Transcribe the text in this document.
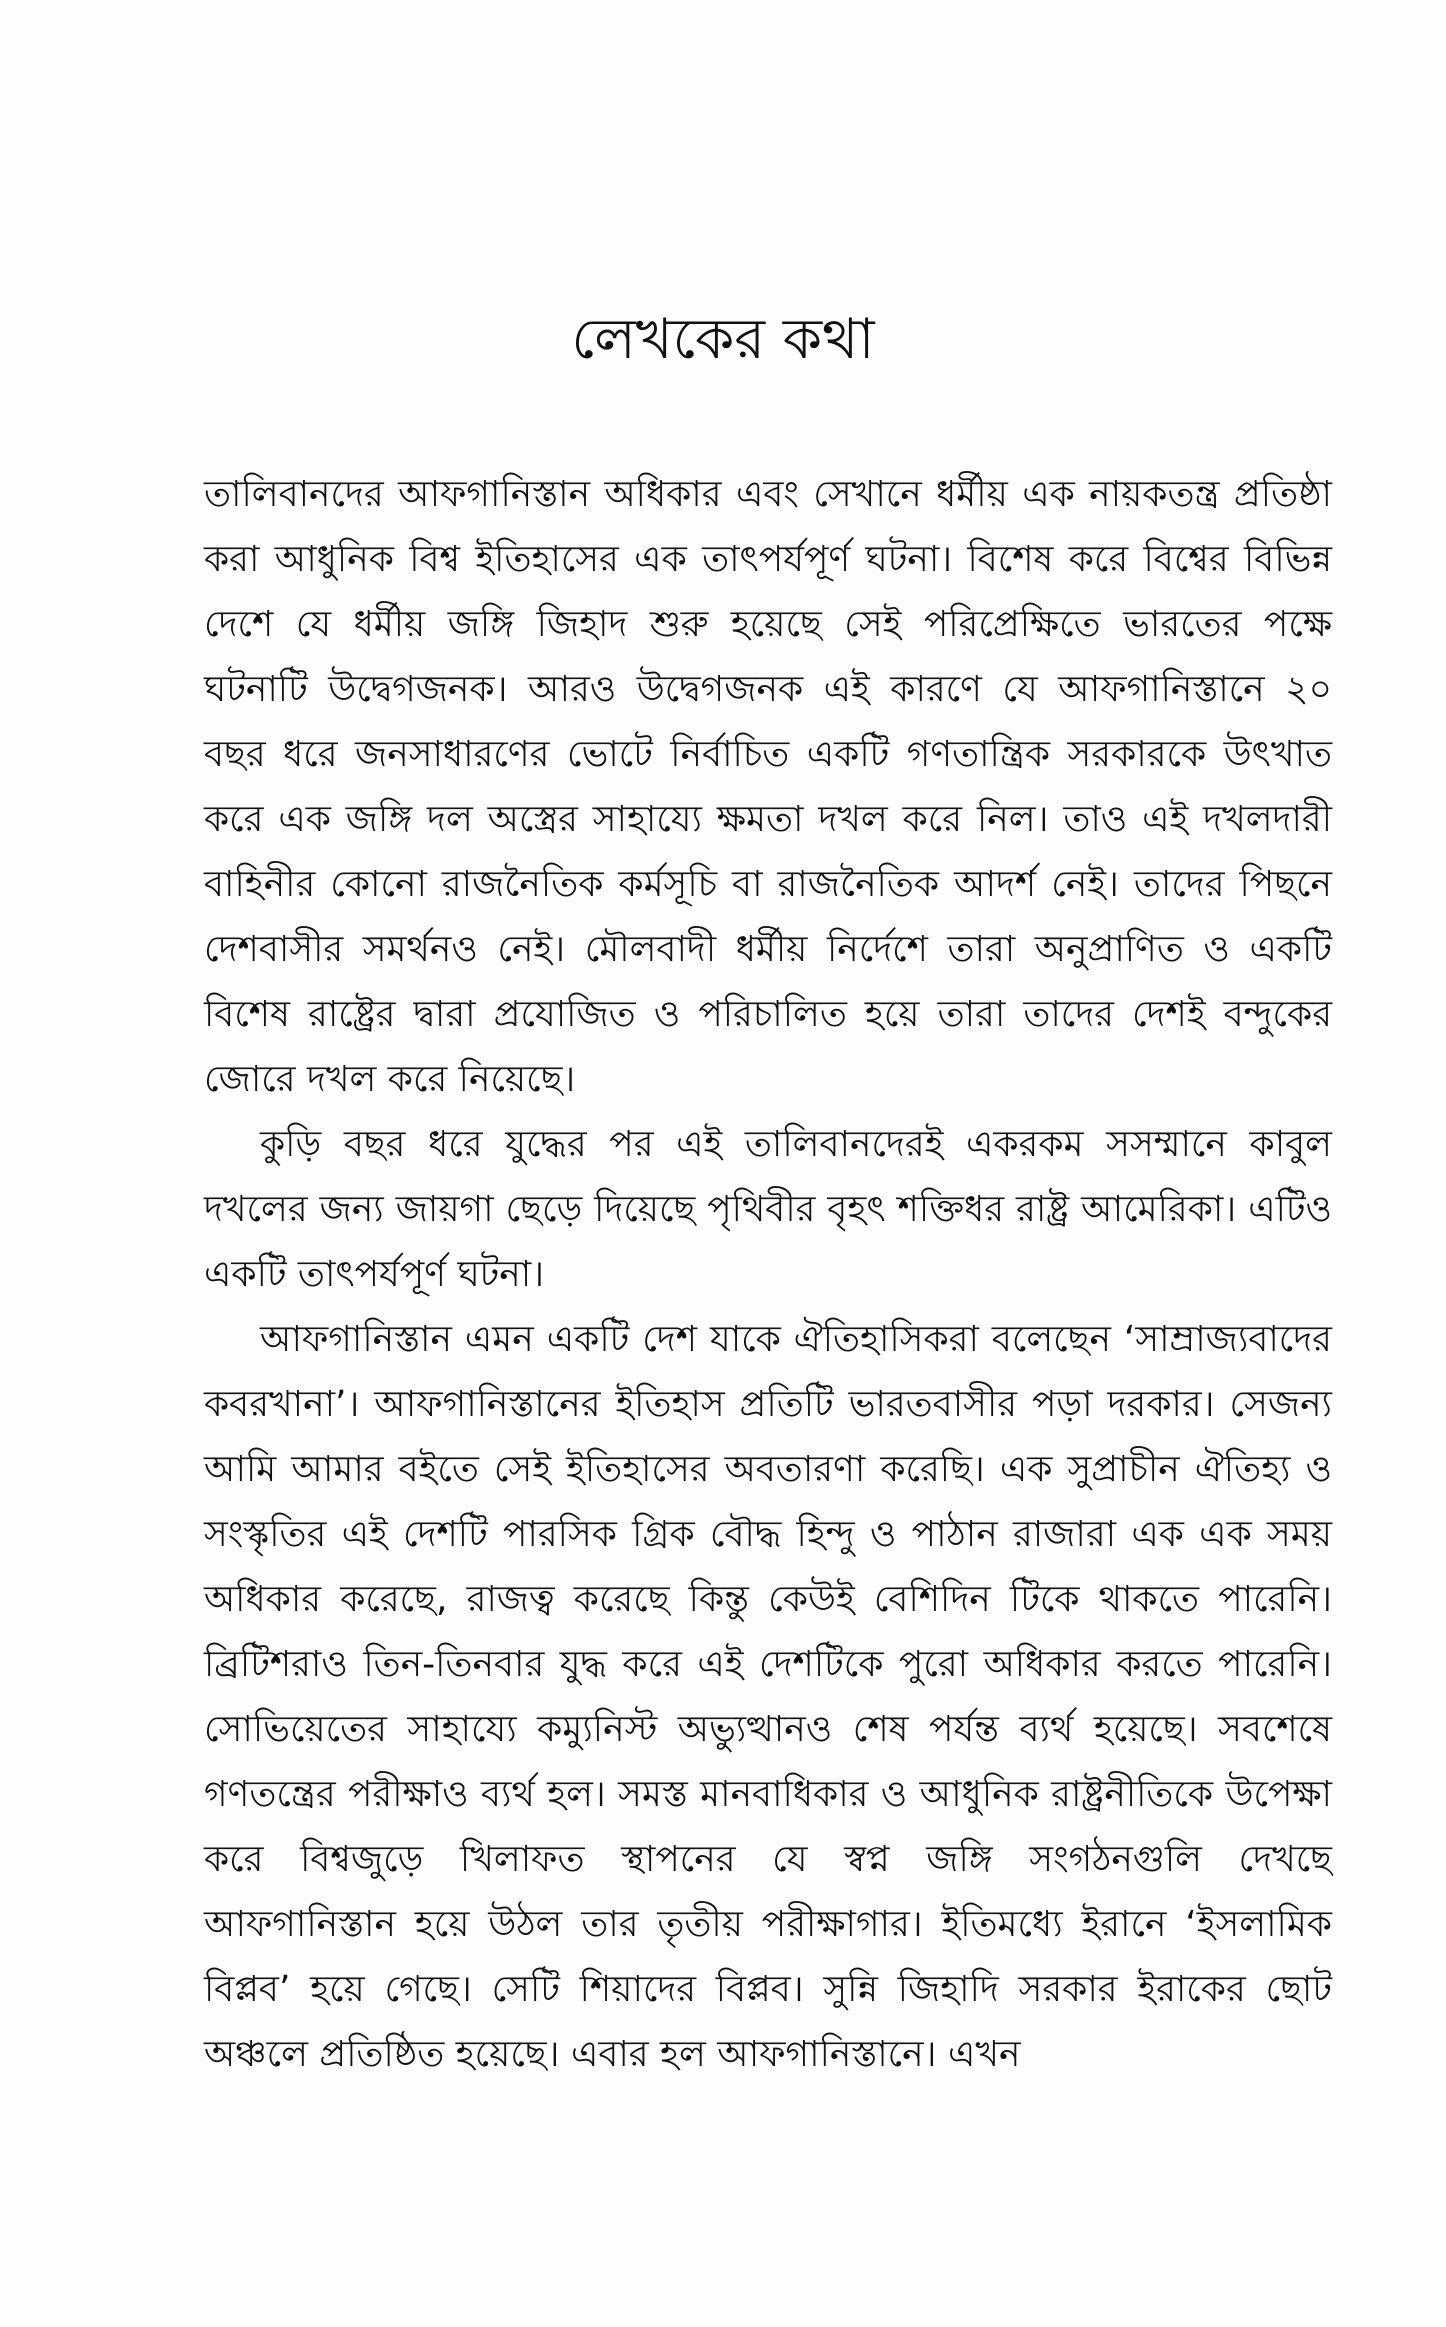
লেখকের কথা

তালিবানদের আফগানিস্তান অধিকার এবং সেখানে ধর্মীয় এক নায়কতন্ত্র প্রতিষ্ঠা করা আধুনিক বিশ্ব ইতিহাসের এক তাৎপর্যপূর্ণ ঘটনা। বিশেষ করে বিশ্বের বিভিন্ন দেশে যে ধর্মীয় জঙ্গি জিহাদ শুরু হয়েছে সেই পরিপ্রেক্ষিতে ভারতের পক্ষে ঘটনাটি উদ্বেগজনক। আরও উদ্বেগজনক এই কারণে যে আফগানিস্তানে ২০ বছর ধরে জনসাধারণের ভোটে নির্বাচিত একটি গণতান্ত্রিক সরকারকে উৎখাত করে এক জঙ্গি দল অস্ত্রের সাহায্যে ক্ষমতা দখল করে নিল। তাও এই দখলদারী বাহিনীর কোনো রাজনৈতিক কর্মসূচি বা রাজনৈতিক আদর্শ নেই। তাদের পিছনে দেশবাসীর সমর্থনও নেই। মৌলবাদী ধর্মীয় নির্দেশে তারা অনুপ্রাণিত ও একটি বিশেষ রাষ্ট্রের দ্বারা প্রযোজিত ও পরিচালিত হয়ে তারা তাদের দেশই বন্দুকের জোরে দখল করে নিয়েছে।

কুড়ি বছর ধরে যুদ্ধের পর এই তালিবানদেরই একরকম সসম্মানে কাবুল দখলের জন্য জায়গা ছেড়ে দিয়েছে পৃথিবীর বৃহৎ শক্তিধর রাষ্ট্র আমেরিকা। এটিও একটি তাৎপর্যপূর্ণ ঘটনা।

আফগানিস্তান এমন একটি দেশ যাকে ঐতিহাসিকরা বলেছেন ‘সাম্রাজ্যবাদের কবরখানা’। আফগানিস্তানের ইতিহাস প্রতিটি ভারতবাসীর পড়া দরকার। সেজন্য আমি আমার বইতে সেই ইতিহাসের অবতারণা করেছি। এক সুপ্রাচীন ঐতিহ্য ও সংস্কৃতির এই দেশটি পারসিক গ্রিক বৌদ্ধ হিন্দু ও পাঠান রাজারা এক এক সময় অধিকার করেছে, রাজত্ব করেছে কিন্তু কেউই বেশিদিন টিকে থাকতে পারেনি। ব্রিটিশরাও তিন-তিনবার যুদ্ধ করে এই দেশটিকে পুরো অধিকার করতে পারেনি। সোভিয়েতের সাহায্যে কম্যুনিস্ট অভ্যুত্থানও শেষ পর্যন্ত ব্যর্থ হয়েছে। সবশেষে গণতন্ত্রের পরীক্ষাও ব্যর্থ হল। সমস্ত মানবাধিকার ও আধুনিক রাষ্ট্রনীতিকে উপেক্ষা করে বিশ্বজুড়ে খিলাফত স্থাপনের যে স্বপ্ন জঙ্গি সংগঠনগুলি দেখছে আফগানিস্তান হয়ে উঠল তার তৃতীয় পরীক্ষাগার। ইতিমধ্যে ইরানে ‘ইসলামিক বিপ্লব’ হয়ে গেছে। সেটি শিয়াদের বিপ্লব। সুন্নি জিহাদি সরকার ইরাকের ছোট অঞ্চলে প্রতিষ্ঠিত হয়েছে। এবার হল আফগানিস্তানে। এখন
